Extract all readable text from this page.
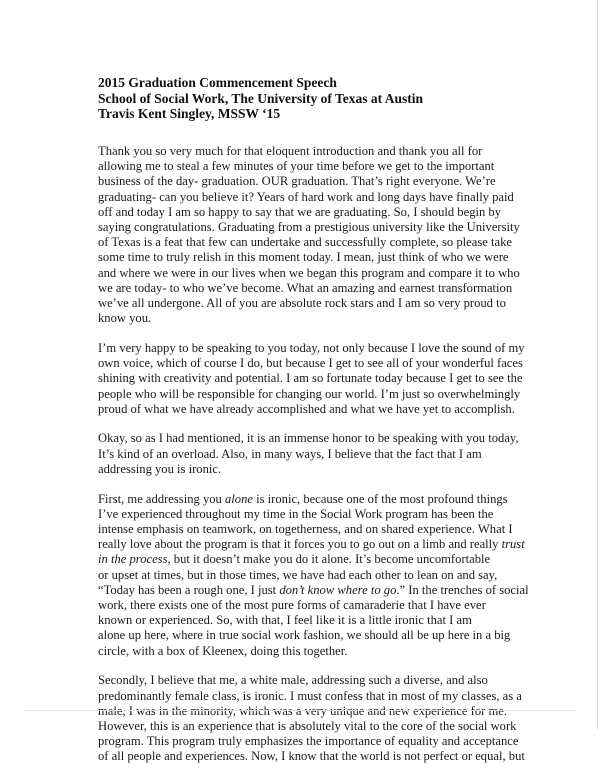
2015 Graduation Commencement Speech
School of Social Work, The University of Texas at Austin
Travis Kent Singley, MSSW ‘15
Thank you so very much for that eloquent introduction and thank you all for
allowing me to steal a few minutes of your time before we get to the important
business of the day- graduation. OUR graduation. That’s right everyone. We’re
graduating- can you believe it? Years of hard work and long days have finally paid
off and today I am so happy to say that we are graduating. So, I should begin by
saying congratulations. Graduating from a prestigious university like the University
of Texas is a feat that few can undertake and successfully complete, so please take
some time to truly relish in this moment today. I mean, just think of who we were
and where we were in our lives when we began this program and compare it to who
we are today- to who we’ve become. What an amazing and earnest transformation
we’ve all undergone. All of you are absolute rock stars and I am so very proud to
know you.
I’m very happy to be speaking to you today, not only because I love the sound of my
own voice, which of course I do, but because I get to see all of your wonderful faces
shining with creativity and potential. I am so fortunate today because I get to see the
people who will be responsible for changing our world. I’m just so overwhelmingly
proud of what we have already accomplished and what we have yet to accomplish.
Okay, so as I had mentioned, it is an immense honor to be speaking with you today,
It’s kind of an overload. Also, in many ways, I believe that the fact that I am
addressing you is ironic.
First, me addressing you alone is ironic, because one of the most profound things
I’ve experienced throughout my time in the Social Work program has been the
intense emphasis on teamwork, on togetherness, and on shared experience. What I
really love about the program is that it forces you to go out on a limb and really trust
in the process, but it doesn’t make you do it alone. It’s become uncomfortable
or upset at times, but in those times, we have had each other to lean on and say,
“Today has been a rough one, I just don’t know where to go.” In the trenches of social
work, there exists one of the most pure forms of camaraderie that I have ever
known or experienced. So, with that, I feel like it is a little ironic that I am
alone up here, where in true social work fashion, we should all be up here in a big
circle, with a box of Kleenex, doing this together.
Secondly, I believe that me, a white male, addressing such a diverse, and also
predominantly female class, is ironic. I must confess that in most of my classes, as a
male, I was in the minority, which was a very unique and new experience for me.
However, this is an experience that is absolutely vital to the core of the social work
program. This program truly emphasizes the importance of equality and acceptance
of all people and experiences. Now, I know that the world is not perfect or equal, but
